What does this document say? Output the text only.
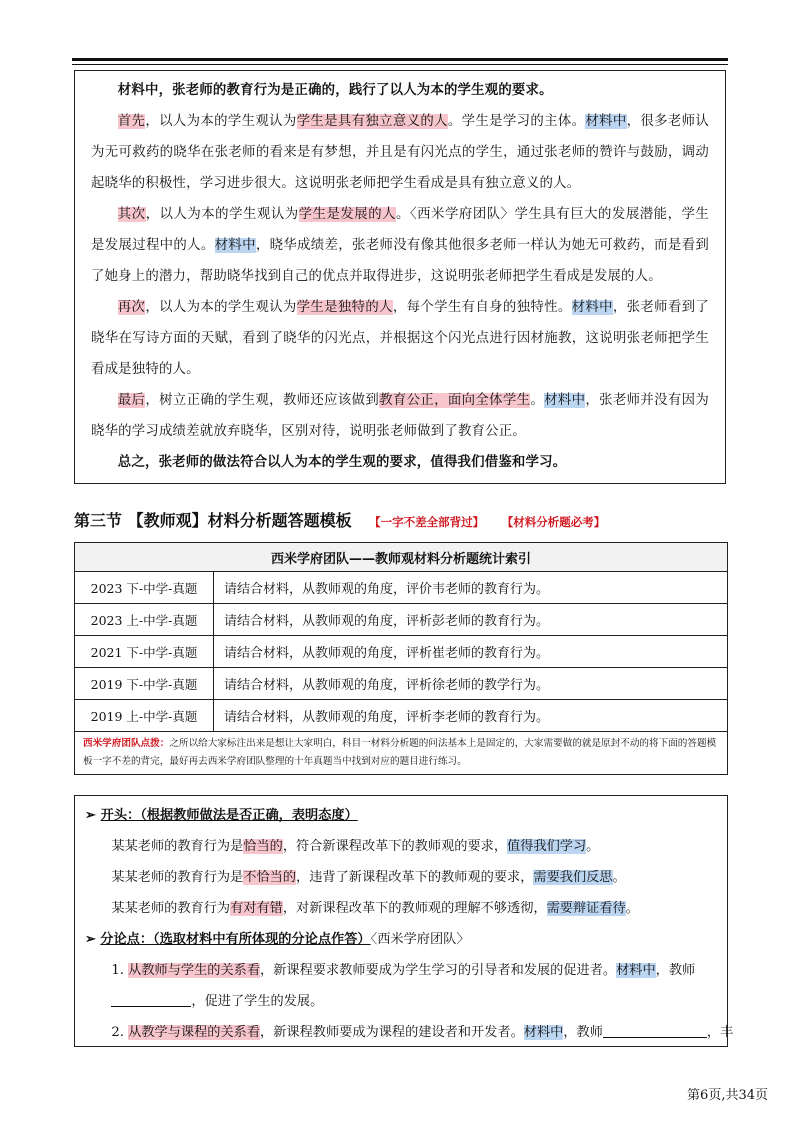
材料中，张老师的教育行为是正确的，践行了以人为本的学生观的要求。

首先，以人为本的学生观认为学生是具有独立意义的人。学生是学习的主体。材料中，很多老师认为无可救药的晓华在张老师的看来是有梦想，并且是有闪光点的学生，通过张老师的赞许与鼓励，调动起晓华的积极性，学习进步很大。这说明张老师把学生看成是具有独立意义的人。

其次，以人为本的学生观认为学生是发展的人。〈西米学府团队〉学生具有巨大的发展潜能，学生是发展过程中的人。材料中，晓华成绩差，张老师没有像其他很多老师一样认为她无可救药，而是看到了她身上的潜力，帮助晓华找到自己的优点并取得进步，这说明张老师把学生看成是发展的人。

再次，以人为本的学生观认为学生是独特的人，每个学生有自身的独特性。材料中，张老师看到了晓华在写诗方面的天赋，看到了晓华的闪光点，并根据这个闪光点进行因材施教，这说明张老师把学生看成是独特的人。

最后，树立正确的学生观，教师还应该做到教育公正，面向全体学生。材料中，张老师并没有因为晓华的学习成绩差就放弃晓华，区别对待，说明张老师做到了教育公正。

总之，张老师的做法符合以人为本的学生观的要求，值得我们借鉴和学习。

第三节 【教师观】材料分析题答题模板 【一字不差全部背过】 【材料分析题必考】
西米学府团队——教师观材料分析题统计索引	
2023 下-中学-真题	请结合材料，从教师观的角度，评价韦老师的教育行为。
2023 上-中学-真题	请结合材料，从教师观的角度，评析彭老师的教育行为。
2021 下-中学-真题	请结合材料，从教师观的角度，评析崔老师的教育行为。
2019 下-中学-真题	请结合材料，从教师观的角度，评析徐老师的教学行为。
2019 上-中学-真题	请结合材料，从教师观的角度，评析李老师的教育行为。
西米学府团队点拨：之所以给大家标注出来是想让大家明白，科目一材料分析题的问法基本上是固定的，大家需要做的就是原封不动的将下面的答题模板一字不差的背完，最好再去西米学府团队整理的十年真题当中找到对应的题目进行练习。	
➢ 开头：（根据教师做法是否正确，表明态度）
某某老师的教育行为是恰当的，符合新课程改革下的教师观的要求，值得我们学习。
某某老师的教育行为是不恰当的，违背了新课程改革下的教师观的要求，需要我们反思。
某某老师的教育行为有对有错，对新课程改革下的教师观的理解不够透彻，需要辩证看待。
➢ 分论点：（选取材料中有所体现的分论点作答）〈西米学府团队〉
1. 从教师与学生的关系看，新课程要求教师要成为学生学习的引导者和发展的促进者。材料中，教师，促进了学生的发展。
2. 从教学与课程的关系看，新课程教师要成为课程的建设者和开发者。材料中，教师	，丰
第6页,共34页
